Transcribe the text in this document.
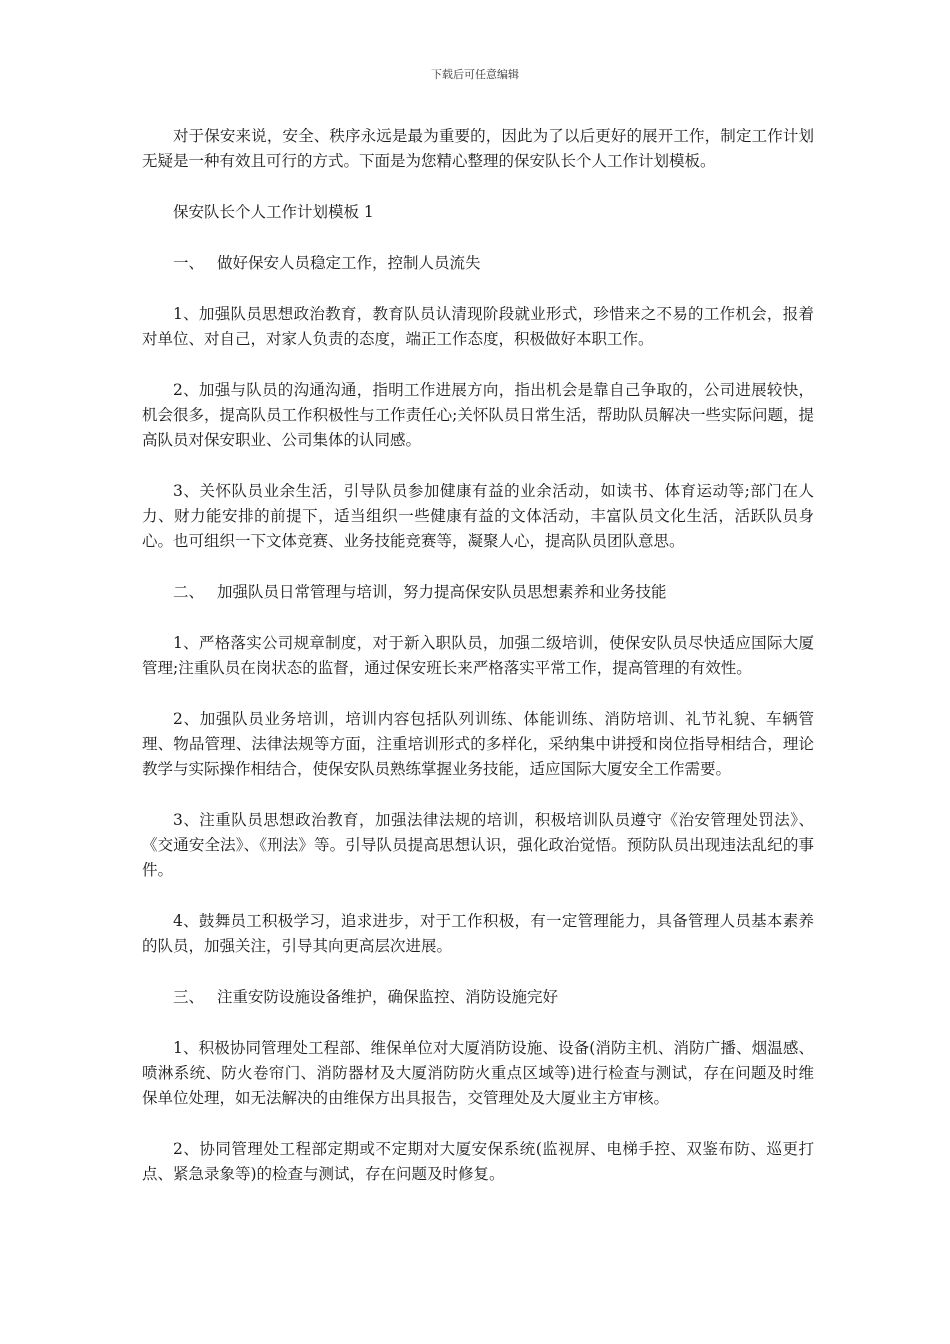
下载后可任意编辑

对于保安来说，安全、秩序永远是最为重要的，因此为了以后更好的展开工作，制定工作计划无疑是一种有效且可行的方式。下面是为您精心整理的保安队长个人工作计划模板。

保安队长个人工作计划模板 1

一、 做好保安人员稳定工作，控制人员流失

1、加强队员思想政治教育，教育队员认清现阶段就业形式，珍惜来之不易的工作机会，报着对单位、对自己，对家人负责的态度，端正工作态度，积极做好本职工作。

2、加强与队员的沟通沟通，指明工作进展方向，指出机会是靠自己争取的，公司进展较快，机会很多，提高队员工作积极性与工作责任心;关怀队员日常生活，帮助队员解决一些实际问题，提高队员对保安职业、公司集体的认同感。

3、关怀队员业余生活，引导队员参加健康有益的业余活动，如读书、体育运动等;部门在人力、财力能安排的前提下，适当组织一些健康有益的文体活动，丰富队员文化生活，活跃队员身心。也可组织一下文体竞赛、业务技能竞赛等，凝聚人心，提高队员团队意思。

二、 加强队员日常管理与培训，努力提高保安队员思想素养和业务技能

1、严格落实公司规章制度，对于新入职队员，加强二级培训，使保安队员尽快适应国际大厦管理;注重队员在岗状态的监督，通过保安班长来严格落实平常工作，提高管理的有效性。

2、加强队员业务培训，培训内容包括队列训练、体能训练、消防培训、礼节礼貌、车辆管理、物品管理、法律法规等方面，注重培训形式的多样化，采纳集中讲授和岗位指导相结合，理论教学与实际操作相结合，使保安队员熟练掌握业务技能，适应国际大厦安全工作需要。

3、注重队员思想政治教育，加强法律法规的培训，积极培训队员遵守《治安管理处罚法》、《交通安全法》、《刑法》等。引导队员提高思想认识，强化政治觉悟。预防队员出现违法乱纪的事件。

4、鼓舞员工积极学习，追求进步，对于工作积极，有一定管理能力，具备管理人员基本素养的队员，加强关注，引导其向更高层次进展。

三、 注重安防设施设备维护，确保监控、消防设施完好

1、积极协同管理处工程部、维保单位对大厦消防设施、设备(消防主机、消防广播、烟温感、喷淋系统、防火卷帘门、消防器材及大厦消防防火重点区域等)进行检查与测试，存在问题及时维保单位处理，如无法解决的由维保方出具报告，交管理处及大厦业主方审核。

2、协同管理处工程部定期或不定期对大厦安保系统(监视屏、电梯手控、双鉴布防、巡更打点、紧急录象等)的检查与测试，存在问题及时修复。
